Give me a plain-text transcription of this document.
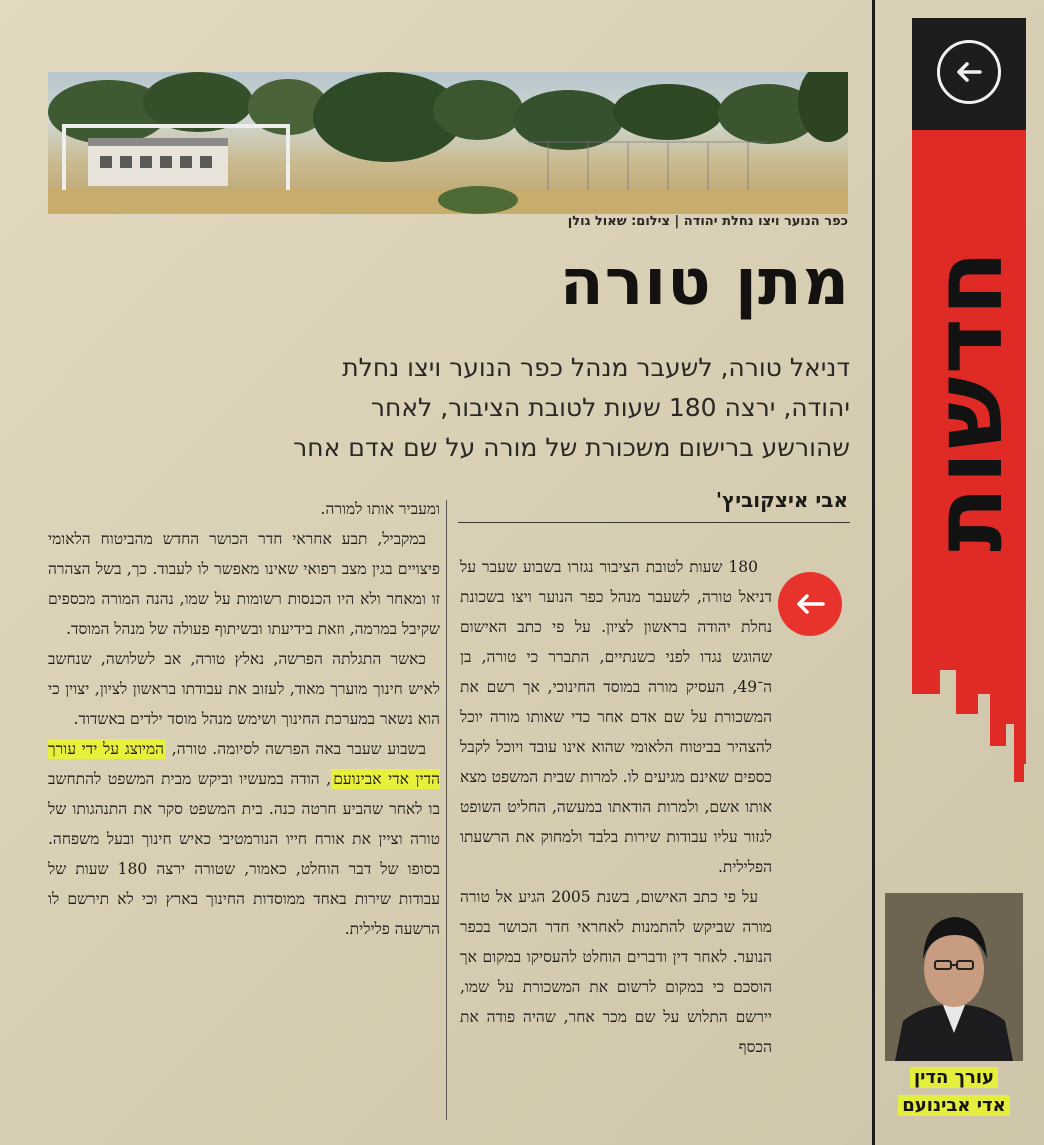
כפר הנוער ויצו נחלת יהודה | צילום: שאול גולן
מתן טורה
דניאל טורה, לשעבר מנהל כפר הנוער ויצו נחלת יהודה, ירצה 180 שעות לטובת הציבור, לאחר שהורשע ברישום משכורת של מורה על שם אדם אחר
אבי איצקוביץ'

180 שעות לטובת הציבור נגזרו בשבוע שעבר על דניאל טורה, לשעבר מנהל כפר הנוער ויצו בשכונת נחלת יהודה בראשון לציון. על פי כתב האישום שהוגש נגדו לפני כשנתיים, התברר כי טורה, בן ה־49, העסיק מורה במוסד החינוכי, אך רשם את המשכורת על שם אדם אחר כדי שאותו מורה יוכל להצהיר בביטוח הלאומי שהוא אינו עובד ויוכל לקבל כספים שאינם מגיעים לו. למרות שבית המשפט מצא אותו אשם, ולמרות הודאתו במעשה, החליט השופט לגזור עליו עבודות שירות בלבד ולמחוק את הרשעתו הפלילית.

על פי כתב האישום, בשנת 2005 הגיע אל טורה מורה שביקש להתמנות לאחראי חדר הכושר בכפר הנוער. לאחר דין ודברים הוחלט להעסיקו במקום אך הוסכם כי במקום לרשום את המשכורת על שמו, יירשם התלוש על שם מכר אחר, שהיה פודה את הכסף

ומעביר אותו למורה.

במקביל, תבע אחראי חדר הכושר החדש מהביטוח הלאומי פיצויים בגין מצב רפואי שאינו מאפשר לו לעבוד. כך, בשל הצהרה זו ומאחר ולא היו הכנסות רשומות על שמו, נהנה המורה מכספים שקיבל במרמה, וזאת בידיעתו ובשיתוף פעולה של מנהל המוסד.

כאשר התגלתה הפרשה, נאלץ טורה, אב לשלושה, שנחשב לאיש חינוך מוערך מאוד, לעזוב את עבודתו בראשון לציון, יצוין כי הוא נשאר במערכת החינוך ושימש מנהל מוסד ילדים באשדוד.

בשבוע שעבר באה הפרשה לסיומה. טורה, המיוצג על ידי עורך הדין אדי אבינועם, הודה במעשיו וביקש מבית המשפט להתחשב בו לאחר שהביע חרטה כנה. בית המשפט סקר את התנהגותו של טורה וציין את אורח חייו הנורמטיבי כאיש חינוך ובעל משפחה. בסופו של דבר הוחלט, כאמור, שטורה ירצה 180 שעות של עבודות שירות באחד ממוסדות החינוך בארץ וכי לא תירשם לו הרשעה פלילית.

חדשות
עורך הדין
אדי אבינועם
